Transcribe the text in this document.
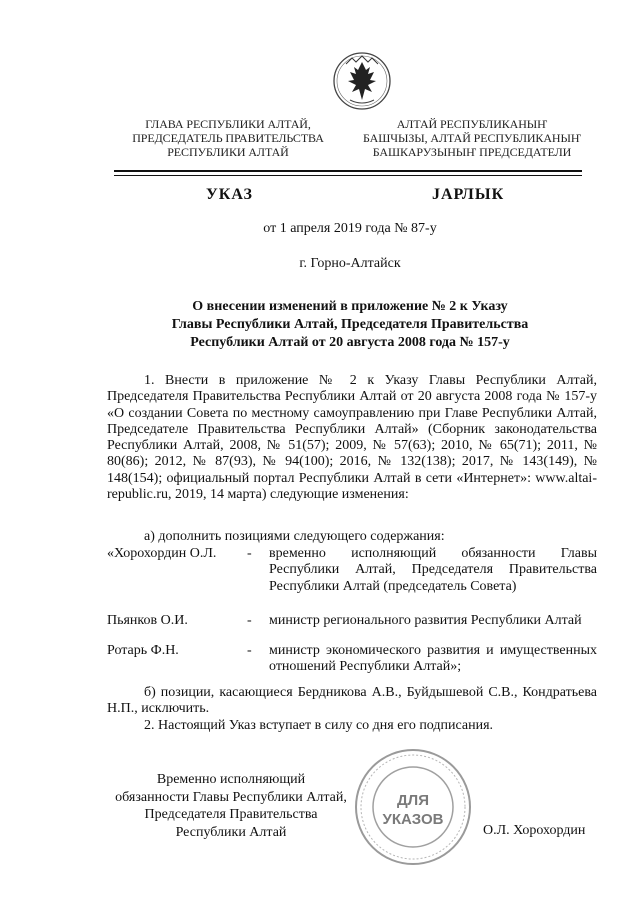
ГЛАВА РЕСПУБЛИКИ АЛТАЙ,
ПРЕДСЕДАТЕЛЬ ПРАВИТЕЛЬСТВА
РЕСПУБЛИКИ АЛТАЙ
АЛТАЙ РЕСПУБЛИКАНЫҤ
БАШЧЫЗЫ, АЛТАЙ РЕСПУБЛИКАНЫҤ
БАШКАРУЗЫНЫҤ ПРЕДСЕДАТЕЛИ
УКАЗ	JАРЛЫК
от 1 апреля 2019 года № 87-у
г. Горно-Алтайск
О внесении изменений в приложение № 2 к Указу
Главы Республики Алтай, Председателя Правительства
Республики Алтай от 20 августа 2008 года № 157-у
1. Внести в приложение № 2 к Указу Главы Республики Алтай, Председателя Правительства Республики Алтай от 20 августа 2008 года № 157-у «О создании Совета по местному самоуправлению при Главе Республики Алтай, Председателе Правительства Республики Алтай» (Сборник законодательства Республики Алтай, 2008, № 51(57); 2009, № 57(63); 2010, № 65(71); 2011, № 80(86); 2012, № 87(93), № 94(100); 2016, № 132(138); 2017, № 143(149), № 148(154); официальный портал Республики Алтай в сети «Интернет»: www.altai-republic.ru, 2019, 14 марта) следующие изменения:
а) дополнить позициями следующего содержания:
«Хорохордин О.Л.	-	временно исполняющий обязанности Главы Республики Алтай, Председателя Правительства Республики Алтай (председатель Совета)
Пьянков О.И.	-	министр регионального развития Республики Алтай
Ротарь Ф.Н.	-	министр экономического развития и имущественных отношений Республики Алтай»;
б) позиции, касающиеся Бердникова А.В., Буйдышевой С.В., Кондратьева Н.П., исключить.
2. Настоящий Указ вступает в силу со дня его подписания.
ДЛЯ
УКАЗОВ
Временно исполняющий
обязанности Главы Республики Алтай,
Председателя Правительства
Республики Алтай	О.Л. Хорохордин
